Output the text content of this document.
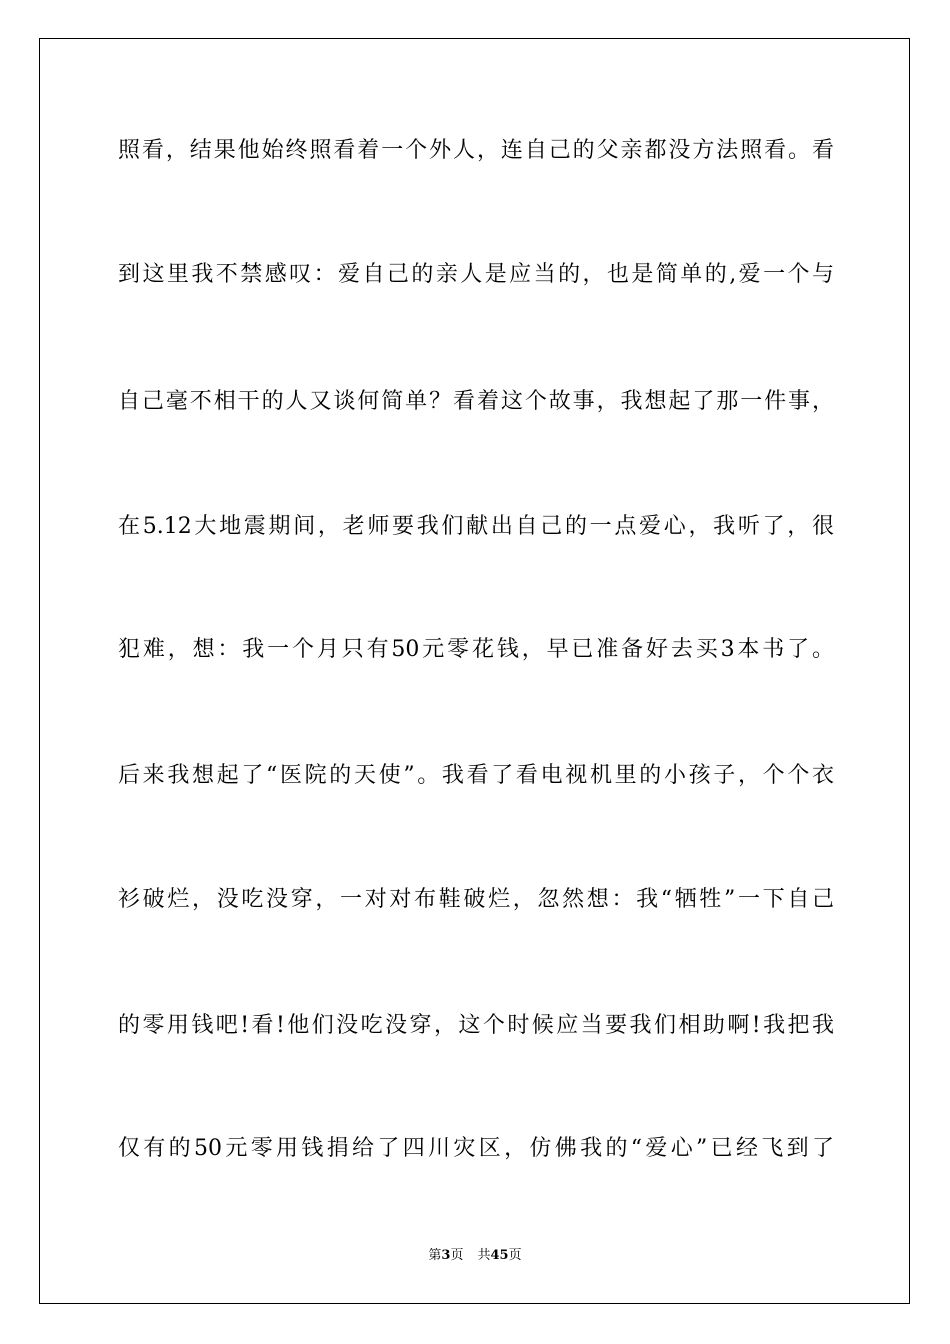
照看，结果他始终照看着一个外人，连自己的父亲都没方法照看。看
到这里我不禁感叹：爱自己的亲人是应当的，也是简单的,爱一个与
自己毫不相干的人又谈何简单？看着这个故事，我想起了那一件事，
在5.12大地震期间，老师要我们献出自己的一点爱心，我听了，很
犯难，想：我一个月只有50元零花钱，早已准备好去买3本书了。
后来我想起了“医院的天使”。我看了看电视机里的小孩子，个个衣
衫破烂，没吃没穿，一对对布鞋破烂，忽然想：我“牺牲”一下自己
的零用钱吧!看!他们没吃没穿，这个时候应当要我们相助啊!我把我
仅有的50元零用钱捐给了四川灾区，仿佛我的“爱心”已经飞到了
第3页 共45页
